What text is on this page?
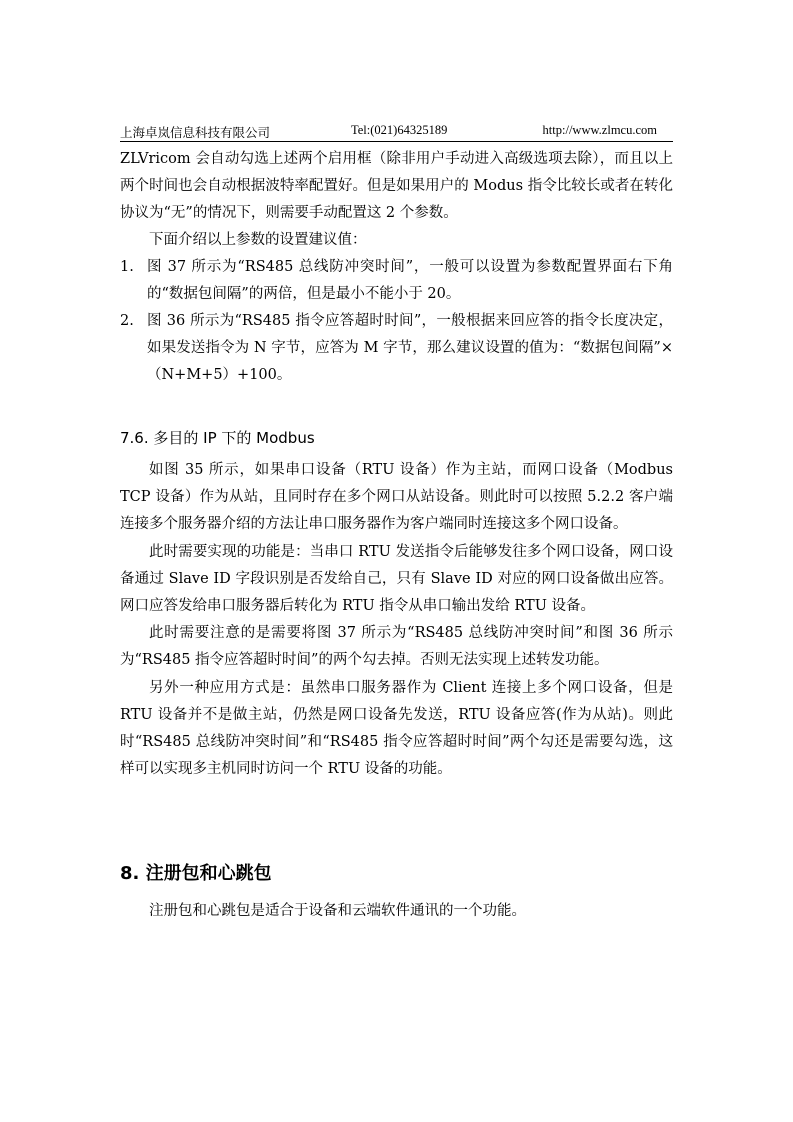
上海卓岚信息科技有限公司	Tel:(021)64325189	http://www.zlmcu.com
ZLVricom 会自动勾选上述两个启用框（除非用户手动进入高级选项去除），而且以上两个时间也会自动根据波特率配置好。但是如果用户的 Modus 指令比较长或者在转化协议为“无”的情况下，则需要手动配置这 2 个参数。
下面介绍以上参数的设置建议值：
1. 图 37 所示为“RS485 总线防冲突时间”，一般可以设置为参数配置界面右下角的“数据包间隔”的两倍，但是最小不能小于 20。
2. 图 36 所示为“RS485 指令应答超时时间”，一般根据来回应答的指令长度决定，如果发送指令为 N 字节，应答为 M 字节，那么建议设置的值为：“数据包间隔”×（N+M+5）+100。
7.6. 多目的 IP 下的 Modbus
如图 35 所示，如果串口设备（RTU 设备）作为主站，而网口设备（Modbus TCP 设备）作为从站，且同时存在多个网口从站设备。则此时可以按照 5.2.2 客户端连接多个服务器介绍的方法让串口服务器作为客户端同时连接这多个网口设备。
此时需要实现的功能是：当串口 RTU 发送指令后能够发往多个网口设备，网口设备通过 Slave ID 字段识别是否发给自己，只有 Slave ID 对应的网口设备做出应答。网口应答发给串口服务器后转化为 RTU 指令从串口输出发给 RTU 设备。
此时需要注意的是需要将图 37 所示为“RS485 总线防冲突时间”和图 36 所示为“RS485 指令应答超时时间”的两个勾去掉。否则无法实现上述转发功能。
另外一种应用方式是：虽然串口服务器作为 Client 连接上多个网口设备，但是 RTU 设备并不是做主站，仍然是网口设备先发送，RTU 设备应答(作为从站)。则此时“RS485 总线防冲突时间”和“RS485 指令应答超时时间”两个勾还是需要勾选，这样可以实现多主机同时访问一个 RTU 设备的功能。
8. 注册包和心跳包
注册包和心跳包是适合于设备和云端软件通讯的一个功能。
